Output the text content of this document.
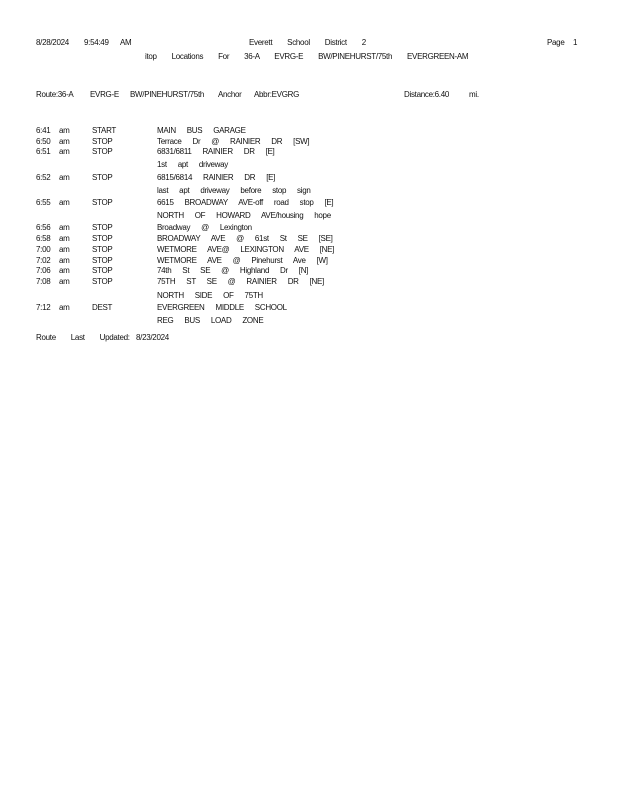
8/28/2024 9:54:49 AM	Everett School District 2	Page 1
itop Locations For 36-A EVRG-E BW/PINEHURST/75th EVERGREEN-AM
Route:36-A EVRG-E BW/PINEHURST/75th Anchor Abbr:EVGRG	Distance:6.40 mi.
6:41 am	START	MAIN BUS GARAGE
6:50 am	STOP	Terrace Dr @ RAINIER DR [SW]
6:51 am	STOP	6831/6811 RAINIER DR [E]
1st apt driveway
6:52 am	STOP	6815/6814 RAINIER DR [E]
last apt driveway before stop sign
6:55 am	STOP	6615 BROADWAY AVE-off road stop [E]
NORTH OF HOWARD AVE/housing hope
6:56 am	STOP	Broadway @ Lexington
6:58 am	STOP	BROADWAY AVE @ 61st St SE [SE]
7:00 am	STOP	WETMORE AVE@ LEXINGTON AVE [NE]
7:02 am	STOP	WETMORE AVE @ Pinehurst Ave [W]
7:06 am	STOP	74th St SE @ Highland Dr [N]
7:08 am	STOP	75TH ST SE @ RAINIER DR [NE]
NORTH SIDE OF 75TH
7:12 am	DEST	EVERGREEN MIDDLE SCHOOL
REG BUS LOAD ZONE
Route Last Updated: 8/23/2024
